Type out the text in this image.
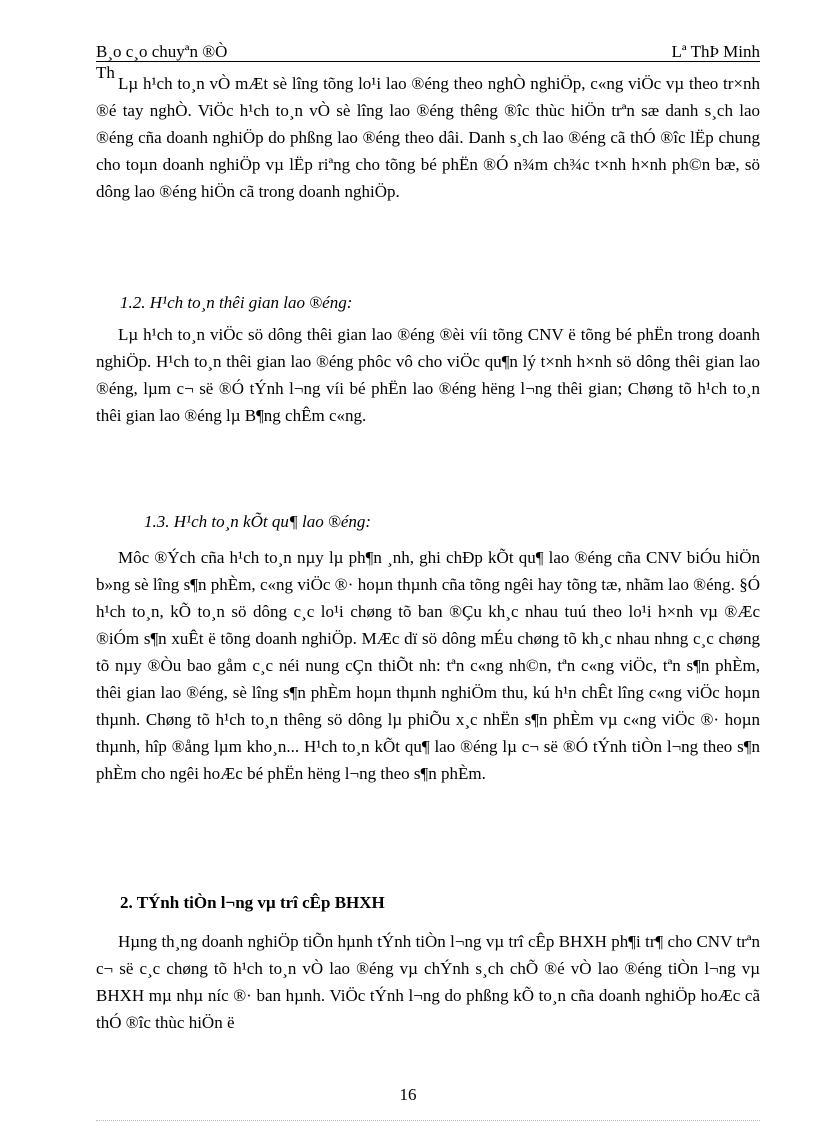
B¸o c¸o chuyªn ®Ò	Lª ThÞ Minh
Th

Lµ h¹ch to¸n vÒ mÆt sè lîng tõng lo¹i lao ®éng theo nghÒ nghiÖp, c«ng viÖc vµ theo tr×nh ®é tay nghÒ. ViÖc h¹ch to¸n vÒ sè lîng lao ®éng thêng ®îc thùc hiÖn trªn sæ danh s¸ch lao ®éng cña doanh nghiÖp do phßng lao ®éng theo dâi. Danh s¸ch lao ®éng cã thÓ ®îc lËp chung cho toµn doanh nghiÖp vµ lËp riªng cho tõng bé phËn ®Ó n¾m ch¾c t×nh h×nh ph©n bæ, sö dông lao ®éng hiÖn cã trong doanh nghiÖp.

1.2. H¹ch to¸n thêi gian lao ®éng:

Lµ h¹ch to¸n viÖc sö dông thêi gian lao ®éng ®èi víi tõng CNV ë tõng bé phËn trong doanh nghiÖp. H¹ch to¸n thêi gian lao ®éng phôc vô cho viÖc qu¶n lý t×nh h×nh sö dông thêi gian lao ®éng, lµm c¬ së ®Ó tÝnh l¬ng víi bé phËn lao ®éng hëng l¬ng thêi gian; Chøng tõ h¹ch to¸n thêi gian lao ®éng lµ B¶ng chÊm c«ng.

1.3. H¹ch to¸n kÕt qu¶ lao ®éng:

Môc ®Ých cña h¹ch to¸n nµy lµ ph¶n ¸nh, ghi chÐp kÕt qu¶ lao ®éng cña CNV biÓu hiÖn b»ng sè lîng s¶n phÈm, c«ng viÖc ®· hoµn thµnh cña tõng ngêi hay tõng tæ, nhãm lao ®éng. §Ó h¹ch to¸n, kÕ to¸n sö dông c¸c lo¹i chøng tõ ban ®Çu kh¸c nhau tuú theo lo¹i h×nh vµ ®Æc ®iÓm s¶n xuÊt ë tõng doanh nghiÖp. MÆc dï sö dông mÉu chøng tõ kh¸c nhau nhng c¸c chøng tõ nµy ®Òu bao gåm c¸c néi nung cÇn thiÕt nh: tªn c«ng nh©n, tªn c«ng viÖc, tªn s¶n phÈm, thêi gian lao ®éng, sè lîng s¶n phÈm hoµn thµnh nghiÖm thu, kú h¹n chÊt lîng c«ng viÖc hoµn thµnh. Chøng tõ h¹ch to¸n thêng sö dông lµ phiÕu x¸c nhËn s¶n phÈm vµ c«ng viÖc ®· hoµn thµnh, hîp ®ång lµm kho¸n... H¹ch to¸n kÕt qu¶ lao ®éng lµ c¬ së ®Ó tÝnh tiÒn l¬ng theo s¶n phÈm cho ngêi hoÆc bé phËn hëng l¬ng theo s¶n phÈm.

2. TÝnh tiÒn l¬ng vµ trî cÊp BHXH

Hµng th¸ng doanh nghiÖp tiÕn hµnh tÝnh tiÒn l¬ng vµ trî cÊp BHXH ph¶i tr¶ cho CNV trªn c¬ së c¸c chøng tõ h¹ch to¸n vÒ lao ®éng vµ chÝnh s¸ch chÕ ®é vÒ lao ®éng tiÒn l¬ng vµ BHXH mµ nhµ níc ®· ban hµnh. ViÖc tÝnh l¬ng do phßng kÕ to¸n cña doanh nghiÖp hoÆc cã thÓ ®îc thùc hiÖn ë

16
